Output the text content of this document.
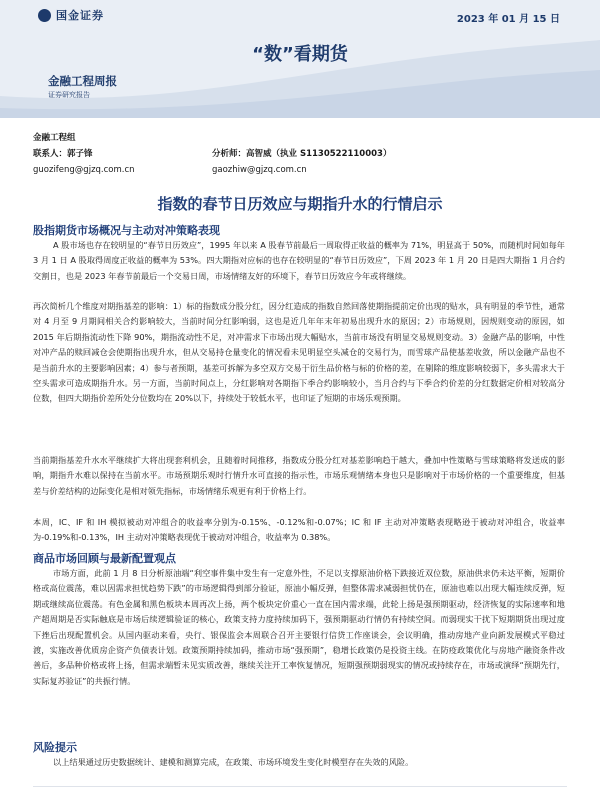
国金证券	2023 年 01 月 15 日
“数”看期货
金融工程周报
证券研究报告
金融工程组
联系人：郭子锋
guozifeng@gjzq.com.cn
分析师：高智威（执业 S1130522110003）
gaozhiw@gjzq.com.cn
指数的春节日历效应与期指升水的行情启示
股指期货市场概况与主动对冲策略表现
A 股市场也存在较明显的“春节日历效应”，1995 年以来 A 股春节前最后一周取得正收益的概率为 71%，明显高于 50%，而随机时间如每年 3 月 1 日 A 股取得周度正收益的概率为 53%。四大期指对应标的也存在较明显的“春节日历效应”，下周 2023 年 1 月 20 日是四大期指 1 月合约交割日，也是 2023 年春节前最后一个交易日周，市场情绪友好的环境下，春节日历效应今年或将继续。
再次简析几个维度对期指基差的影响：1）标的指数成分股分红，因分红造成的指数自然回落使期指提前定价出现的贴水，具有明显的季节性，通常对 4 月至 9 月期间相关合约影响较大，当前时间分红影响弱，这也是近几年年末年初易出现升水的原因；2）市场规则，因规则变动的原因，如 2015 年后期指流动性下降 90%，期指流动性不足，对冲需求下市场出现大幅贴水，当前市场没有明显交易规则变动。3）金融产品的影响，中性对冲产品的赎回减仓会使期指出现升水，但从交易持仓量变化的情况看未见明显空头减仓的交易行为，而雪球产品使基差收敛，所以金融产品也不是当前升水的主要影响因素；4）参与者预期，基差可拆解为多空双方交易于衍生品价格与标的价格的差，在剔除的维度影响较弱下，多头需求大于空头需求可造成期指升水。另一方面，当前时间点上，分红影响对各期指下季合约影响较小，当月合约与下季合约价差的分红数据定价相对较高分位数，但四大期指价差所处分位数均在 20%以下，持续处于较低水平，也印证了短期的市场乐观预期。
当前期指基差升水水平继续扩大将出现套利机会，且随着时间推移，指数成分股分红对基差影响趋于越大，叠加中性策略与雪球策略将发送成的影响，期指升水难以保持在当前水平。市场预期乐观时行情升水可直接的指示性，市场乐观情绪本身也只是影响对于市场价格的一个重要维度，但基差与价差结构的边际变化是相对领先指标，市场情绪乐观更有利于价格上行。
本周，IC、IF 和 IH 模拟被动对冲组合的收益率分别为-0.15%、-0.12%和-0.07%；IC 和 IF 主动对冲策略表现略逊于被动对冲组合，收益率为-0.19%和-0.13%，IH 主动对冲策略表现优于被动对冲组合，收益率为 0.38%。
商品市场回顾与最新配置观点
市场方面，此前 1 月 8 日分析原油端“利空事件集中发生有一定意外性，不足以支撑原油价格下跌接近双位数，原油供求仍未达平衡，短期价格或高位震荡，难以因需求担忧趋势下跌”的市场逻辑得到部分验证，原油小幅反弹，但整体需求减弱担忧仍在，原油也难以出现大幅连续反弹，短期或继续高位震荡。有色金属和黑色板块本周再次上扬，两个板块定价重心一直在国内需求端，此轮上扬是强预期驱动，经济恢复的实际速率和地产超周期是否实际触底是市场后续逻辑验证的核心，政策支持力度持续加码下，强预期驱动行情仍有持续空间。而弱现实干扰下短期期货出现过度下挫后出现配置机会。从国内驱动来看，央行、银保监会本周联合召开主要银行信贷工作座谈会，会议明确，推动房地产业向新发展模式平稳过渡，实施改善优质房企资产负债表计划。政策预期持续加码，推动市场“强预期”，稳增长政策仍是投资主线。在防疫政策优化与房地产融资条件改善后，多品种价格或将上扬，但需求端暂未见实质改善，继续关注开工率恢复情况，短期强预期弱现实的情况或持续存在，市场或演绎“预期先行，实际复苏验证”的共振行情。
风险提示
以上结果通过历史数据统计、建模和测算完成，在政策、市场环境发生变化时模型存在失效的风险。
